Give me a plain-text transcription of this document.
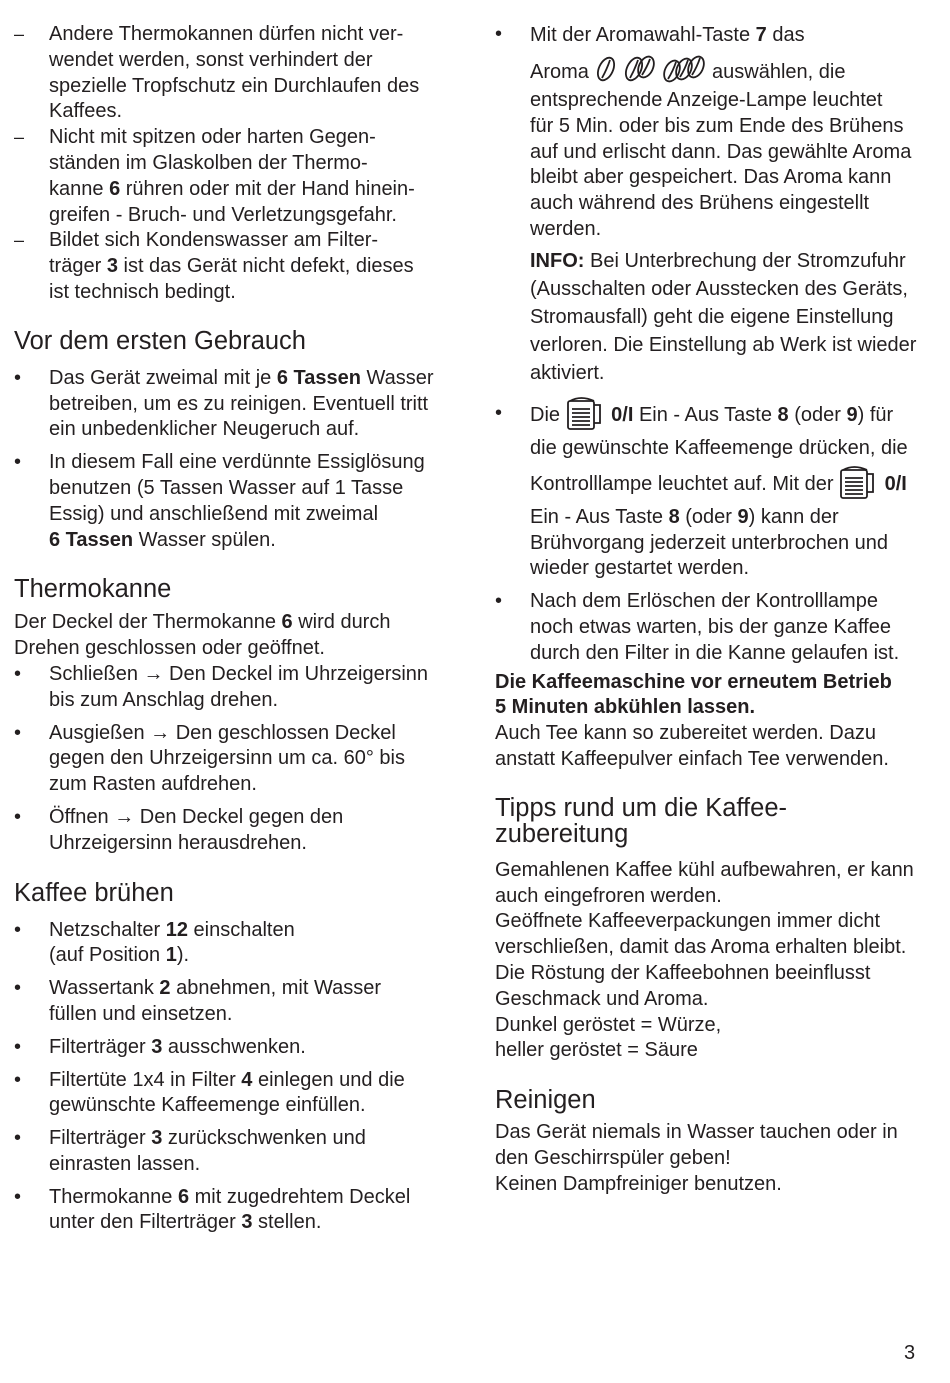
–	Andere Thermokannen dürfen nicht ver-
wendet werden, sonst verhindert der
spezielle Tropfschutz ein Durchlaufen des
Kaffees.
–	Nicht mit spitzen oder harten Gegen-
ständen im Glaskolben der Thermo-
kanne 6 rühren oder mit der Hand hinein-
greifen - Bruch- und Verletzungsgefahr.
–	Bildet sich Kondenswasser am Filter-
träger 3 ist das Gerät nicht defekt, dieses
ist technisch bedingt.
Vor dem ersten Gebrauch
•	Das Gerät zweimal mit je 6 Tassen Wasser
betreiben, um es zu reinigen. Eventuell tritt
ein unbedenklicher Neugeruch auf.
•	In diesem Fall eine verdünnte Essiglösung
benutzen (5 Tassen Wasser auf 1 Tasse
Essig) und anschließend mit zweimal
6 Tassen Wasser spülen.
Thermokanne

Der Deckel der Thermokanne 6 wird durch
Drehen geschlossen oder geöffnet.

•	Schließen → Den Deckel im Uhrzeigersinn
bis zum Anschlag drehen.
•	Ausgießen → Den geschlossen Deckel
gegen den Uhrzeigersinn um ca. 60° bis
zum Rasten aufdrehen.
•	Öffnen → Den Deckel gegen den
Uhrzeigersinn herausdrehen.
Kaffee brühen
•	Netzschalter 12 einschalten
(auf Position 1).
•	Wassertank 2 abnehmen, mit Wasser
füllen und einsetzen.
•	Filterträger 3 ausschwenken.
•	Filtertüte 1x4 in Filter 4 einlegen und die
gewünschte Kaffeemenge einfüllen.
•	Filterträger 3 zurückschwenken und
einrasten lassen.
•	Thermokanne 6 mit zugedrehtem Deckel
unter den Filterträger 3 stellen.
•	Mit der Aromawahl-Taste 7 das
Aroma	auswählen, die
entsprechende Anzeige-Lampe leuchtet
für 5 Min. oder bis zum Ende des Brühens
auf und erlischt dann. Das gewählte Aroma
bleibt aber gespeichert. Das Aroma kann
auch während des Brühens eingestellt
werden.
INFO: Bei Unterbrechung der Stromzufuhr
(Ausschalten oder Ausstecken des Geräts,
Stromausfall) geht die eigene Einstellung
verloren. Die Einstellung ab Werk ist wieder
aktiviert.
•	Die  0/I Ein - Aus Taste 8 (oder 9) für
die gewünschte Kaffeemenge drücken, die
Kontrolllampe leuchtet auf. Mit der  0/I
Ein - Aus Taste 8 (oder 9) kann der
Brühvorgang jederzeit unterbrochen und
wieder gestartet werden.
•	Nach dem Erlöschen der Kontrolllampe
noch etwas warten, bis der ganze Kaffee
durch den Filter in die Kanne gelaufen ist.

Die Kaffeemaschine vor erneutem Betrieb
5 Minuten abkühlen lassen.

Auch Tee kann so zubereitet werden. Dazu
anstatt Kaffeepulver einfach Tee verwenden.

Tipps rund um die Kaffee-
zubereitung

Gemahlenen Kaffee kühl aufbewahren, er kann
auch eingefroren werden.
Geöffnete Kaffeeverpackungen immer dicht
verschließen, damit das Aroma erhalten bleibt.
Die Röstung der Kaffeebohnen beeinflusst
Geschmack und Aroma.
Dunkel geröstet = Würze,
heller geröstet = Säure

Reinigen

Das Gerät niemals in Wasser tauchen oder in
den Geschirrspüler geben!
Keinen Dampfreiniger benutzen.

3
